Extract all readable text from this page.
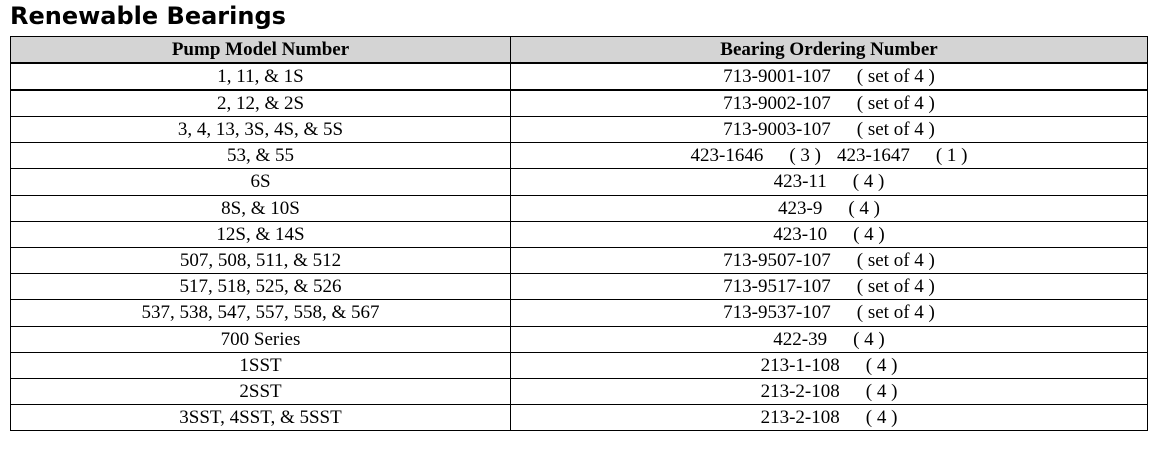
Renewable Bearings
Pump Model Number	Bearing Ordering Number
1, 11, & 1S	713-9001-107 ( set of 4 )
2, 12, & 2S	713-9002-107 ( set of 4 )
3, 4, 13, 3S, 4S, & 5S	713-9003-107 ( set of 4 )
53, & 55	423-1646 ( 3 ) 423-1647 ( 1 )
6S	423-11 ( 4 )
8S, & 10S	423-9 ( 4 )
12S, & 14S	423-10 ( 4 )
507, 508, 511, & 512	713-9507-107 ( set of 4 )
517, 518, 525, & 526	713-9517-107 ( set of 4 )
537, 538, 547, 557, 558, & 567	713-9537-107 ( set of 4 )
700 Series	422-39 ( 4 )
1SST	213-1-108 ( 4 )
2SST	213-2-108 ( 4 )
3SST, 4SST, & 5SST	213-2-108 ( 4 )
